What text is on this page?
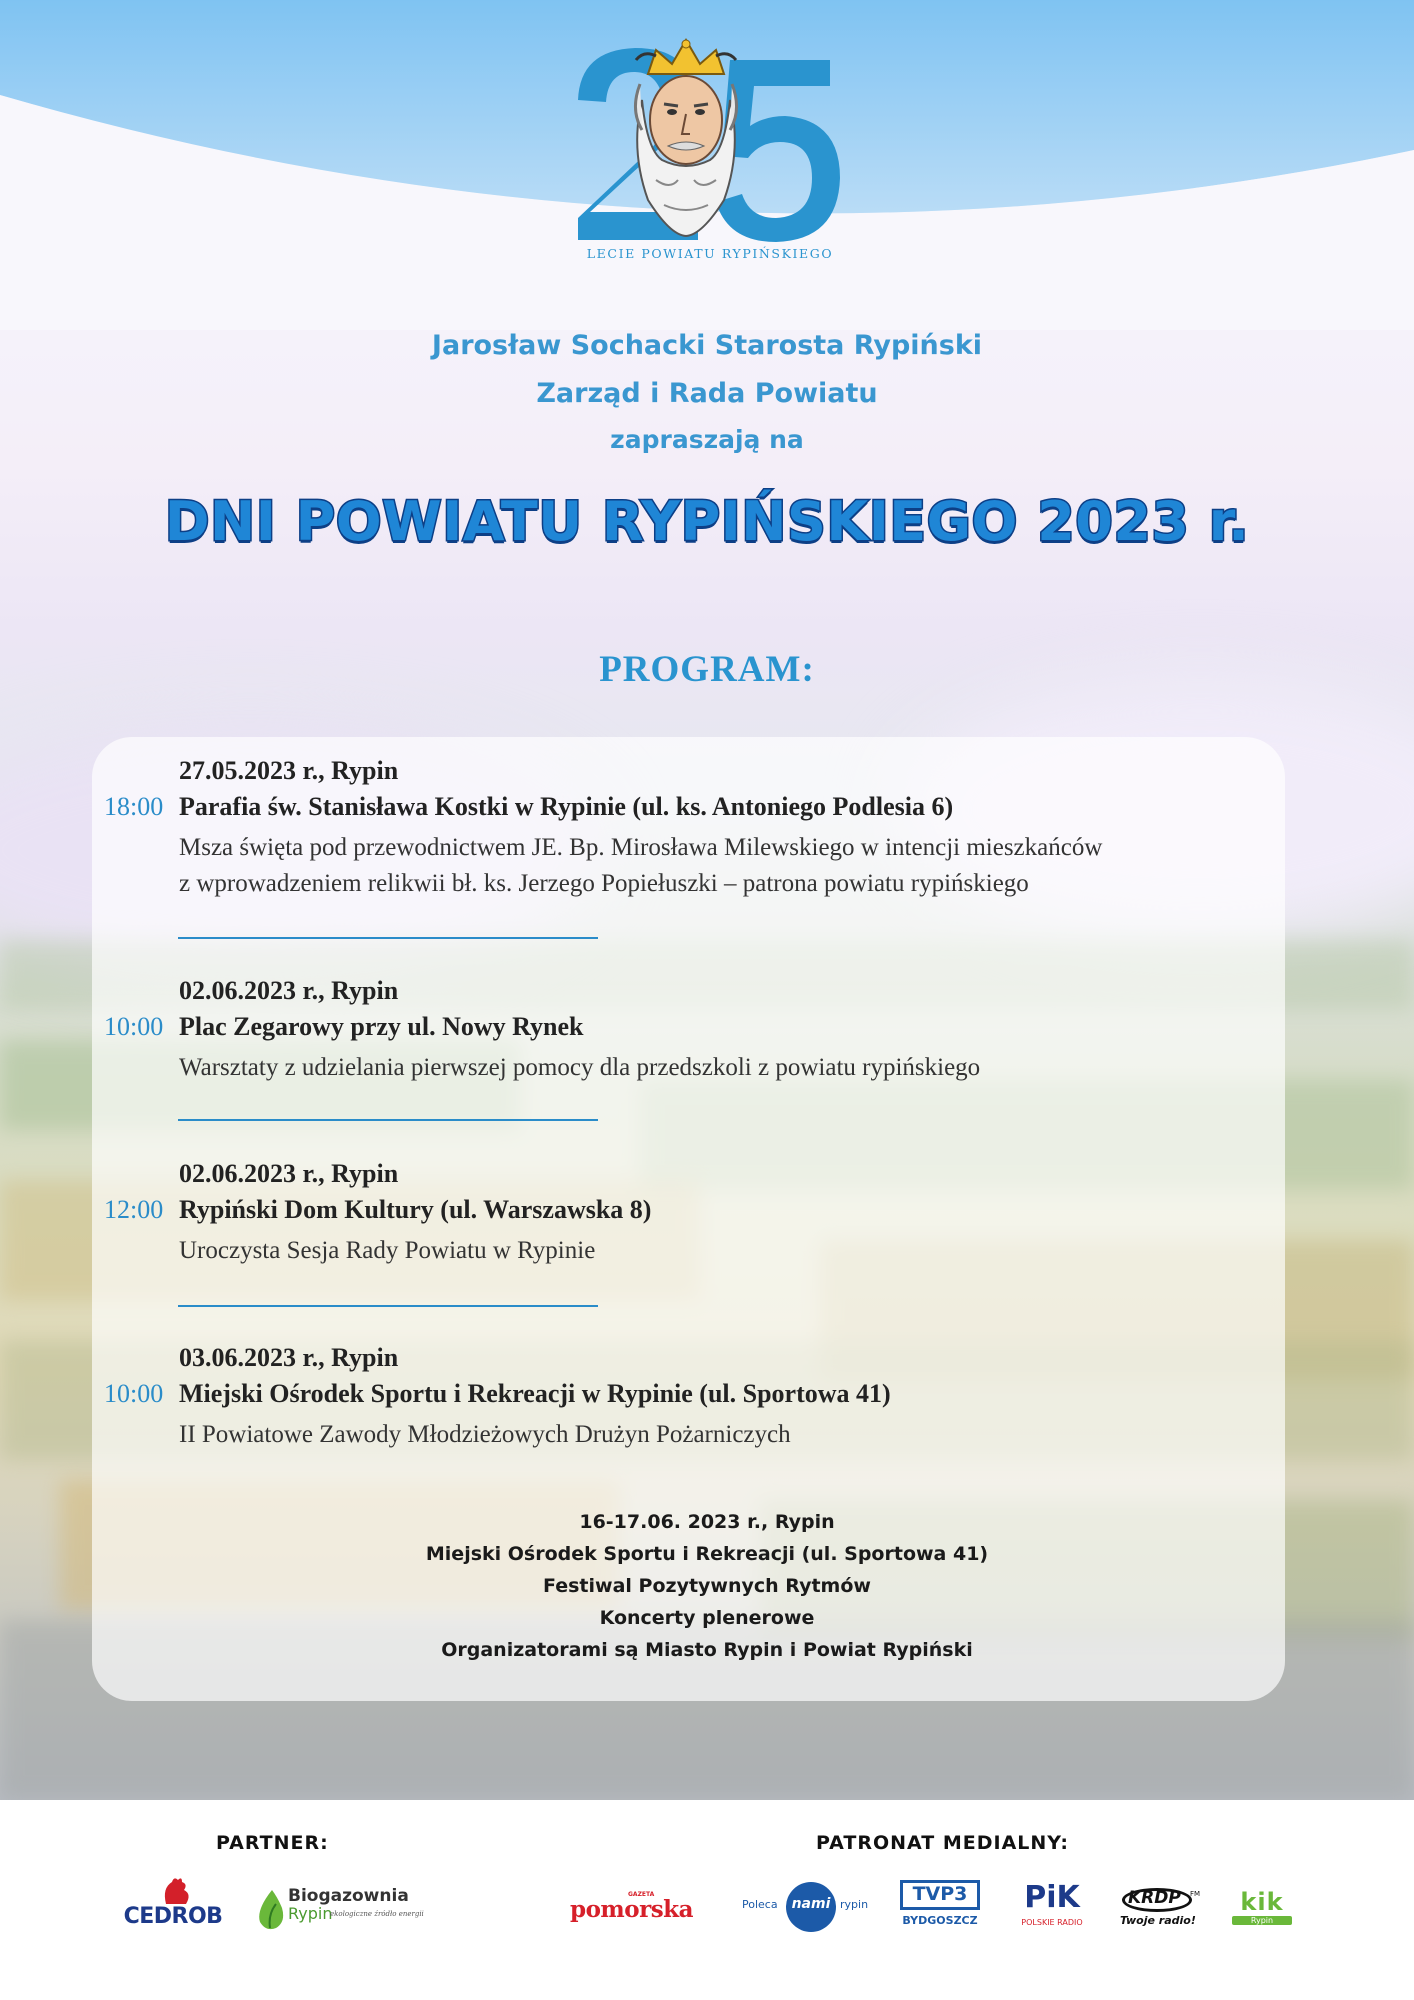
LECIE POWIATU RYPIŃSKIEGO
Jarosław Sochacki Starosta Rypiński
Zarząd i Rada Powiatu
zapraszają na
DNI POWIATU RYPIŃSKIEGO 2023 r.
PROGRAM:
27.05.2023 r., Rypin
18:00 Parafia św. Stanisława Kostki w Rypinie (ul. ks. Antoniego Podlesia 6)
Msza święta pod przewodnictwem JE. Bp. Mirosława Milewskiego w intencji mieszkańców
z wprowadzeniem relikwii bł. ks. Jerzego Popiełuszki – patrona powiatu rypińskiego
02.06.2023 r., Rypin
10:00 Plac Zegarowy przy ul. Nowy Rynek
Warsztaty z udzielania pierwszej pomocy dla przedszkoli z powiatu rypińskiego
02.06.2023 r., Rypin
12:00 Rypiński Dom Kultury (ul. Warszawska 8)
Uroczysta Sesja Rady Powiatu w Rypinie
03.06.2023 r., Rypin
10:00 Miejski Ośrodek Sportu i Rekreacji w Rypinie (ul. Sportowa 41)
II Powiatowe Zawody Młodzieżowych Drużyn Pożarniczych
16-17.06. 2023 r., Rypin
Miejski Ośrodek Sportu i Rekreacji (ul. Sportowa 41)
Festiwal Pozytywnych Rytmów
Koncerty plenerowe
Organizatorami są Miasto Rypin i Powiat Rypiński
PARTNER:	PATRONAT MEDIALNY:
CEDROB
Biogazownia
Rypin
ekologiczne źródło energii
GAZETA
pomorska	Poleca	nami rypin	TVP3
BYDGOSZCZ
PiK
POLSKIE RADIO
KRDP FM
Twoje radio!
kik
Rypin
